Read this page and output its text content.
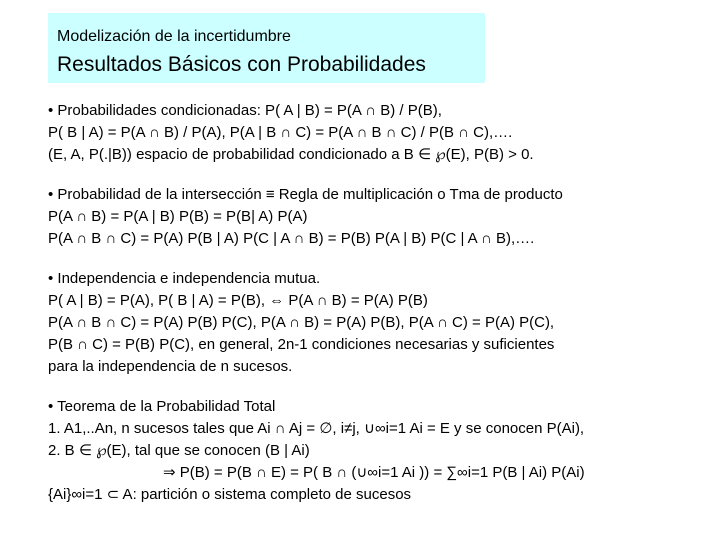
Modelización de la incertidumbre
Resultados Básicos con Probabilidades
• Probabilidades condicionadas: P( A | B) = P(A ∩ B) / P(B),
P( B | A) = P(A ∩ B) / P(A), P(A | B ∩ C) = P(A ∩ B ∩ C) / P(B ∩ C),….
(E, A, P(.|B)) espacio de probabilidad condicionado a B ∈ ℘(E), P(B) > 0.
• Probabilidad de la intersección ≡ Regla de multiplicación o Tma de producto
P(A ∩ B) = P(A | B) P(B) = P(B| A) P(A)
P(A ∩ B ∩ C) = P(A) P(B | A) P(C | A ∩ B) = P(B) P(A | B) P(C | A ∩ B),….
• Independencia e independencia mutua.
P( A | B) = P(A), P( B | A) = P(B), ⇔ P(A ∩ B) = P(A) P(B)
P(A ∩ B ∩ C) = P(A) P(B) P(C), P(A ∩ B) = P(A) P(B), P(A ∩ C) = P(A) P(C),
P(B ∩ C) = P(B) P(C), en general, 2n-1 condiciones necesarias y suficientes
para la independencia de n sucesos.
• Teorema de la Probabilidad Total
1. A1,..An, n sucesos tales que Ai ∩ Aj = ∅, i≠j, ∪∞i=1 Ai = E y se conocen P(Ai),
2. B ∈ ℘(E), tal que se conocen (B | Ai)
⇒ P(B) = P(B ∩ E) = P( B ∩ (∪∞i=1 Ai )) = ∑∞i=1 P(B | Ai) P(Ai)
{Ai}∞i=1 ⊂ A: partición o sistema completo de sucesos
